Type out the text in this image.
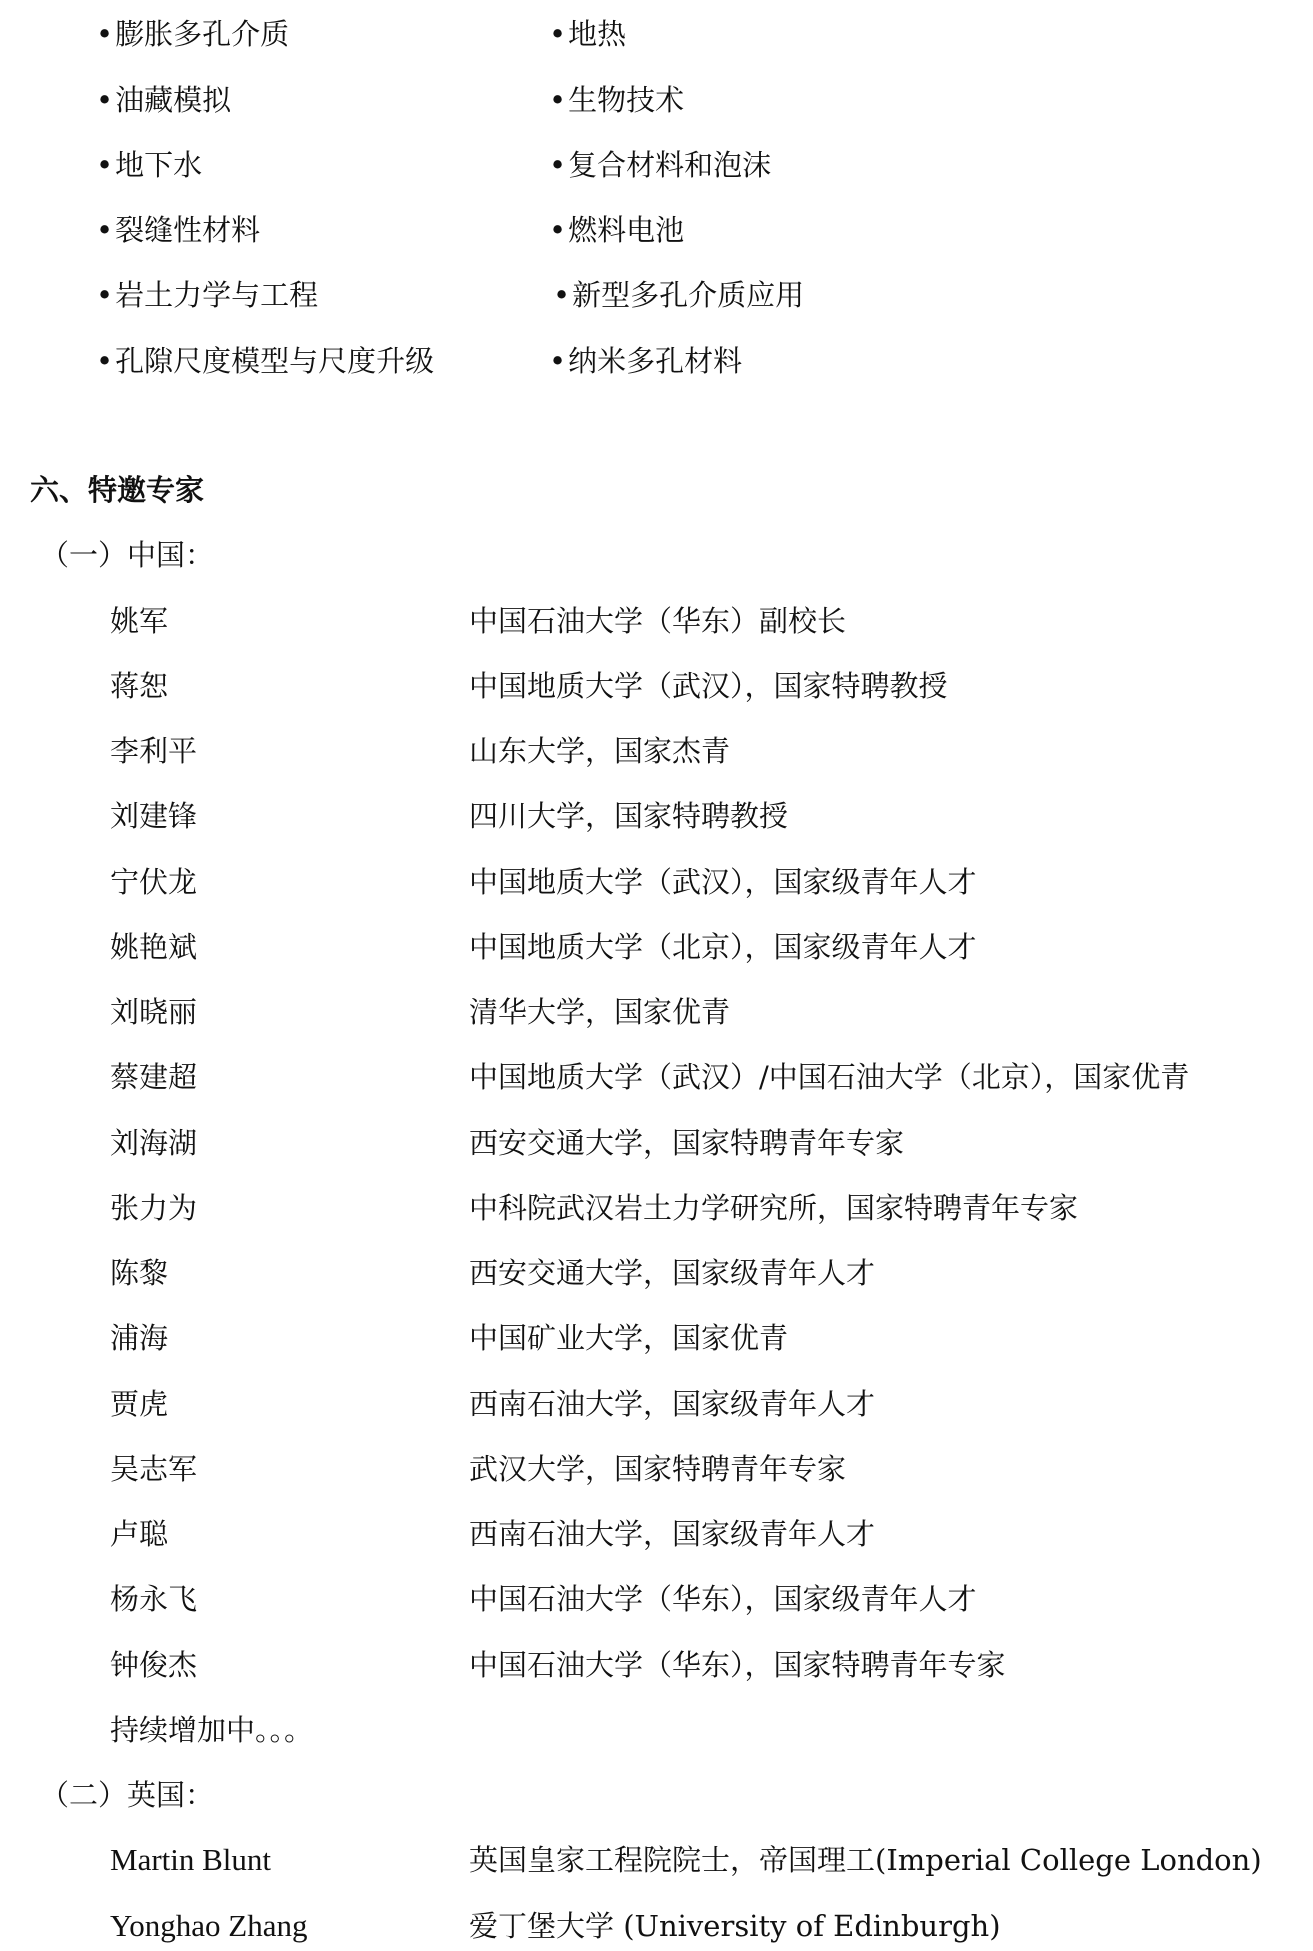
• 膨胀多孔介质
• 油藏模拟
• 地下水
• 裂缝性材料
• 岩土力学与工程
• 孔隙尺度模型与尺度升级
• 地热
• 生物技术
• 复合材料和泡沫
• 燃料电池
• 新型多孔介质应用
• 纳米多孔材料
六、特邀专家
（一）中国：
姚军	中国石油大学（华东）副校长
蒋恕	中国地质大学（武汉），国家特聘教授
李利平	山东大学，国家杰青
刘建锋	四川大学，国家特聘教授
宁伏龙	中国地质大学（武汉），国家级青年人才
姚艳斌	中国地质大学（北京），国家级青年人才
刘晓丽	清华大学，国家优青
蔡建超	中国地质大学（武汉）/中国石油大学（北京），国家优青
刘海湖	西安交通大学，国家特聘青年专家
张力为	中科院武汉岩土力学研究所，国家特聘青年专家
陈黎	西安交通大学，国家级青年人才
浦海	中国矿业大学，国家优青
贾虎	西南石油大学，国家级青年人才
吴志军	武汉大学，国家特聘青年专家
卢聪	西南石油大学，国家级青年人才
杨永飞	中国石油大学（华东），国家级青年人才
钟俊杰	中国石油大学（华东），国家特聘青年专家
持续增加中。。。
（二）英国：
Martin Blunt	英国皇家工程院院士，帝国理工(Imperial College London)
Yonghao Zhang	爱丁堡大学 (University of Edinburgh)
